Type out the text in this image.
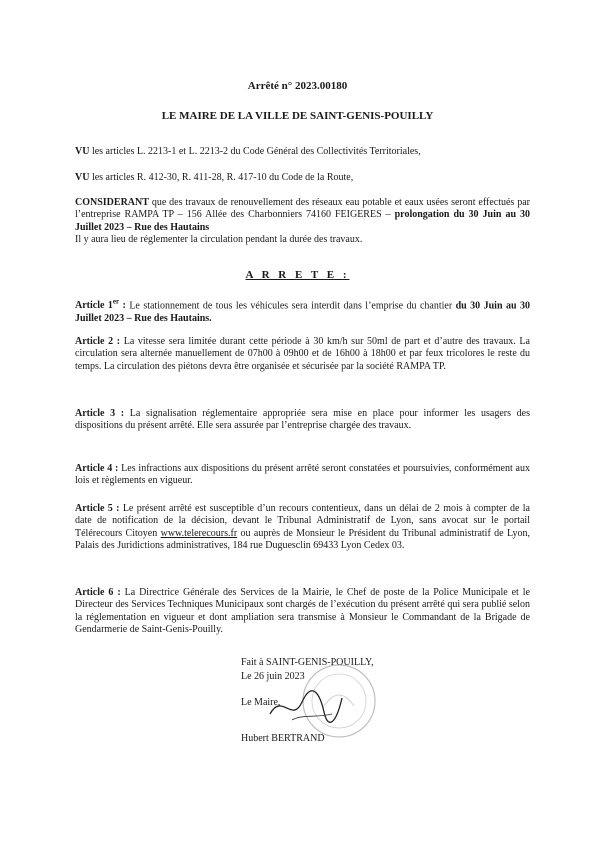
Arrêté n° 2023.00180
LE MAIRE DE LA VILLE DE SAINT-GENIS-POUILLY
VU les articles L. 2213-1 et L. 2213-2 du Code Général des Collectivités Territoriales,
VU les articles R. 412-30, R. 411-28, R. 417-10 du Code de la Route,
CONSIDERANT que des travaux de renouvellement des réseaux eau potable et eaux usées seront effectués par l’entreprise RAMPA TP – 156 Allée des Charbonniers 74160 FEIGERES – prolongation du 30 Juin au 30 Juillet 2023 – Rue des Hautains
Il y aura lieu de réglementer la circulation pendant la durée des travaux.
A R R E T E :
Article 1er : Le stationnement de tous les véhicules sera interdit dans l’emprise du chantier du 30 Juin au 30 Juillet 2023 – Rue des Hautains.
Article 2 : La vitesse sera limitée durant cette période à 30 km/h sur 50ml de part et d’autre des travaux. La circulation sera alternée manuellement de 07h00 à 09h00 et de 16h00 à 18h00 et par feux tricolores le reste du temps. La circulation des piétons devra être organisée et sécurisée par la société RAMPA TP.
Article 3 : La signalisation réglementaire appropriée sera mise en place pour informer les usagers des dispositions du présent arrêté. Elle sera assurée par l’entreprise chargée des travaux.
Article 4 : Les infractions aux dispositions du présent arrêté seront constatées et poursuivies, conformément aux lois et règlements en vigueur.
Article 5 : Le présent arrêté est susceptible d’un recours contentieux, dans un délai de 2 mois à compter de la date de notification de la décision, devant le Tribunal Administratif de Lyon, sans avocat sur le portail Télérecours Citoyen www.telerecours.fr ou auprès de Monsieur le Président du Tribunal administratif de Lyon, Palais des Juridictions administratives, 184 rue Duguesclin 69433 Lyon Cedex 03.
Article 6 : La Directrice Générale des Services de la Mairie, le Chef de poste de la Police Municipale et le Directeur des Services Techniques Municipaux sont chargés de l’exécution du présent arrêté qui sera publié selon la réglementation en vigueur et dont ampliation sera transmise à Monsieur le Commandant de la Brigade de Gendarmerie de Saint-Genis-Pouilly.
Fait à SAINT-GENIS-POUILLY,
Le 26 juin 2023
Le Maire,
Hubert BERTRAND
